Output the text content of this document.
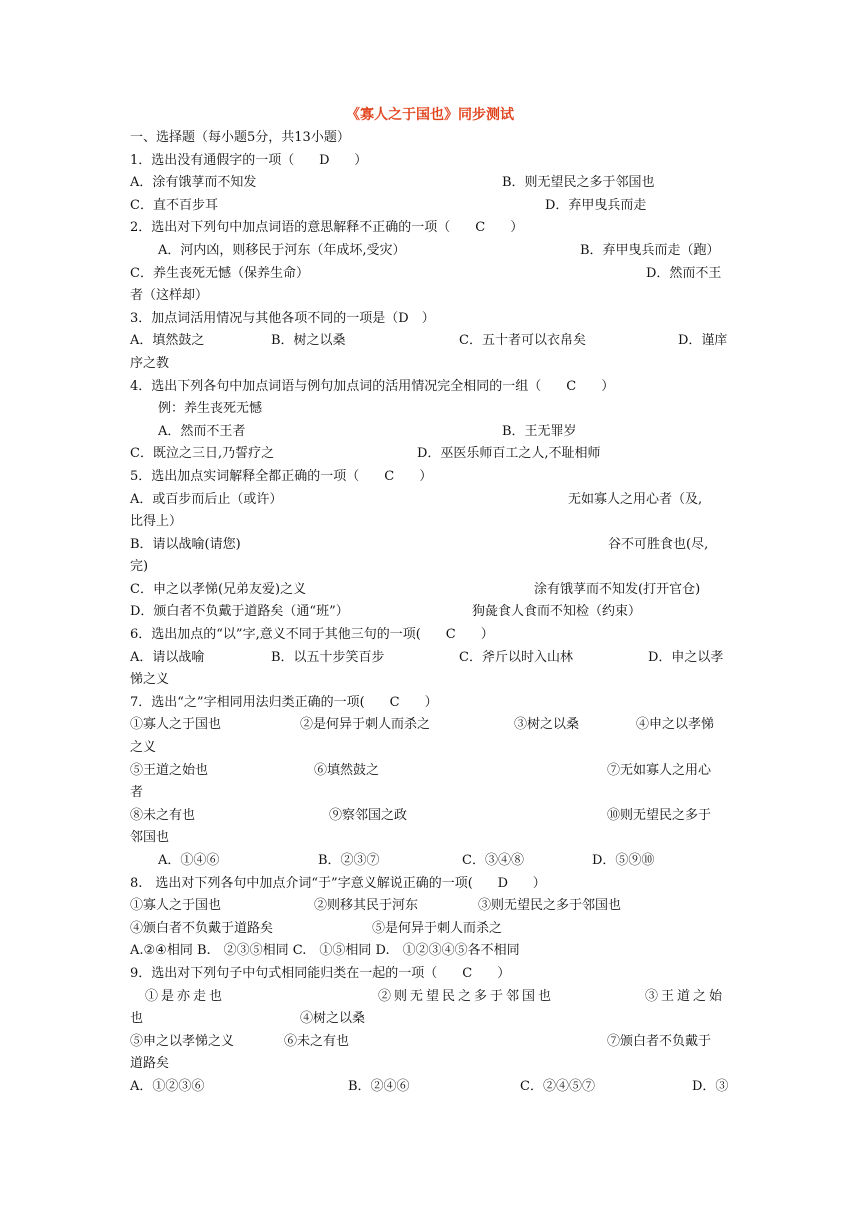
《寡人之于国也》同步测试
一、选择题（每小题5分，共13小题）
1．选出没有通假字的一项（ D ）
A．涂有饿莩而不知发	B．则无望民之多于邻国也
C．直不百步耳	D．弃甲曳兵而走
2．选出对下列句中加点词语的意思解释不正确的一项（ C ）
A．河内凶，则移民于河东（年成坏,受灾）	B．弃甲曳兵而走（跑）
C．养生丧死无憾（保养生命）	D．然而不王
者（这样却）
3．加点词活用情况与其他各项不同的一项是（D　）
A．填然鼓之	B．树之以桑	C．五十者可以衣帛矣	D．谨庠
序之教
4．选出下列各句中加点词语与例句加点词的活用情况完全相同的一组（ C ）
例：养生丧死无憾
A．然而不王者	B．王无罪岁
C．既泣之三日,乃誓疗之	D．巫医乐师百工之人,不耻相师
5．选出加点实词解释全都正确的一项（ C ）
A．或百步而后止（或许）	无如寡人之用心者（及,
比得上）
B．请以战喻(请您)	谷不可胜食也(尽,
完)
C．申之以孝悌(兄弟友爱)之义	涂有饿莩而不知发(打开官仓)
D．颁白者不负戴于道路矣（通“班”）	狗彘食人食而不知检（约束）
6．选出加点的“以”字,意义不同于其他三句的一项( C ）
A．请以战喻	B．以五十步笑百步	C．斧斤以时入山林	D．申之以孝
悌之义
7．选出“之”字相同用法归类正确的一项( C ）
①寡人之于国也	②是何异于刺人而杀之	③树之以桑	④申之以孝悌
之义
⑤王道之始也	⑥填然鼓之	⑦无如寡人之用心
者
⑧未之有也	⑨察邻国之政	⑩则无望民之多于
邻国也
A．①④⑥	B．②③⑦	C．③④⑧	D．⑤⑨⑩
8.　选出对下列各句中加点介词“于”字意义解说正确的一项( D ）
①寡人之于国也	②则移其民于河东	③则无望民之多于邻国也
④颁白者不负戴于道路矣	⑤是何异于刺人而杀之
A.②④相同 B.　②③⑤相同 C.　①⑤相同 D.　①②③④⑤各不相同
9．选出对下列句子中句式相同能归类在一起的一项（ C ）
①是亦走也	②则无望民之多于邻国也	③王道之始
也	④树之以桑
⑤申之以孝悌之义	⑥未之有也	⑦颁白者不负戴于
道路矣
A．①②③⑥	B．②④⑥	C．②④⑤⑦	D．③
